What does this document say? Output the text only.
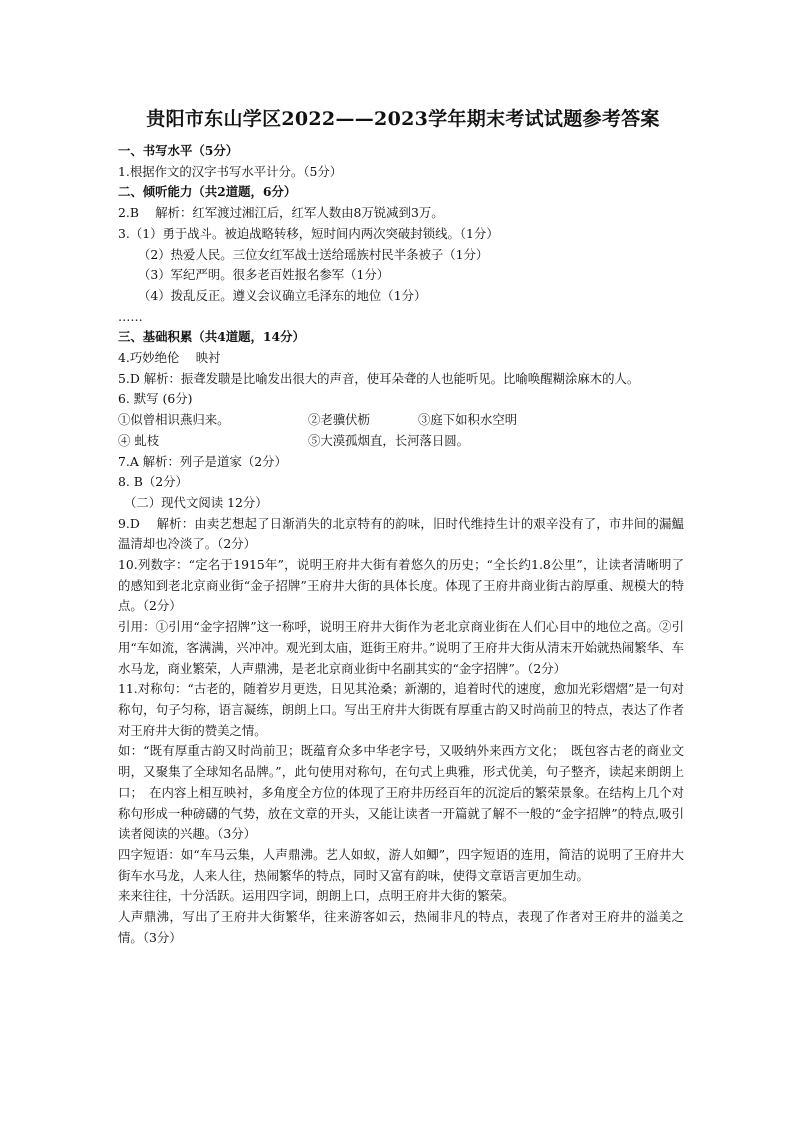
贵阳市东山学区2022——2023学年期末考试试题参考答案
一、书写水平（5分）
1.根据作文的汉字书写水平计分。（5分）
二、倾听能力（共2道题，6分）
2.B　 解析：红军渡过湘江后，红军人数由8万锐减到3万。
3.（1）勇于战斗。被迫战略转移，短时间内两次突破封锁线。（1分）
（2）热爱人民。三位女红军战士送给瑶族村民半条被子（1分）
（3）军纪严明。很多老百姓报名参军（1分）
（4）拨乱反正。遵义会议确立毛泽东的地位（1分）
……
三、基础积累（共4道题，14分）
4.巧妙绝伦　 映衬
5.D 解析：振聋发聩是比喻发出很大的声音，使耳朵聋的人也能听见。比喻唤醒糊涂麻木的人。
6. 默写 (6分)
①似曾相识燕归来。	②老骥伏枥	③庭下如积水空明
④ 虬枝	⑤大漠孤烟直，长河落日圆。
7.A 解析：列子是道家（2分）
8. B（2分）
（二）现代文阅读 12分）
9.D　 解析：由卖艺想起了日渐消失的北京特有的韵味，旧时代维持生计的艰辛没有了，市井间的漏鰛温清却也冷淡了。（2分）
10.列数字：“定名于1915年”，说明王府井大街有着悠久的历史；“全长约1.8公里”，让读者清晰明了的感知到老北京商业街“金子招牌”王府井大街的具体长度。体现了王府井商业街古韵厚重、规模大的特点。（2分）
引用：①引用“金字招牌”这一称呼，说明王府井大街作为老北京商业街在人们心目中的地位之高。②引用“车如流，客满满，兴冲冲。观光到太庙，逛街王府井。”说明了王府井大街从清末开始就热闹繁华、车水马龙，商业繁荣，人声鼎沸，是老北京商业街中名副其实的“金字招牌”。（2分）
11.对称句：“古老的，随着岁月更迭，日见其沧桑；新潮的，追着时代的速度，愈加光彩熠熠”是一句对称句，句子匀称，语言凝练，朗朗上口。写出王府井大街既有厚重古韵又时尚前卫的特点，表达了作者对王府井大街的赞美之情。
如：“既有厚重古韵又时尚前卫；既蕴育众多中华老字号，又吸纳外来西方文化；　既包容古老的商业文明，又聚集了全球知名品牌。”，此句使用对称句，在句式上典雅，形式优美，句子整齐，读起来朗朗上口；　在内容上相互映衬，多角度全方位的体现了王府井历经百年的沉淀后的繁荣景象。在结构上几个对称句形成一种磅礴的气势，放在文章的开头，又能让读者一开篇就了解不一般的“金字招牌”的特点,吸引读者阅读的兴趣。（3分）
四字短语：如“车马云集，人声鼎沸。艺人如蚁，游人如鲫”，四字短语的连用，简洁的说明了王府井大街车水马龙，人来人往，热闹繁华的特点，同时又富有韵味，使得文章语言更加生动。
来来往往，十分活跃。运用四字词，朗朗上口，点明王府井大街的繁荣。
人声鼎沸，写出了王府井大街繁华，往来游客如云，热闹非凡的特点，表现了作者对王府井的溢美之情。（3分）
